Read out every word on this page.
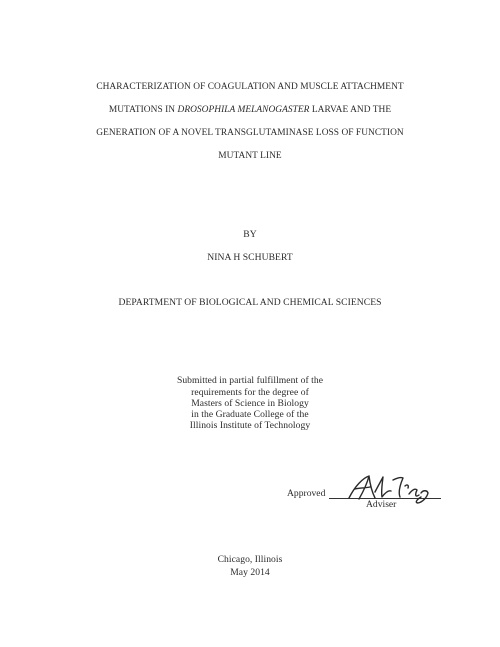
CHARACTERIZATION OF COAGULATION AND MUSCLE ATTACHMENT
MUTATIONS IN DROSOPHILA MELANOGASTER LARVAE AND THE
GENERATION OF A NOVEL TRANSGLUTAMINASE LOSS OF FUNCTION
MUTANT LINE
BY
NINA H SCHUBERT
DEPARTMENT OF BIOLOGICAL AND CHEMICAL SCIENCES
Submitted in partial fulfillment of the
requirements for the degree of
Masters of Science in Biology
in the Graduate College of the
Illinois Institute of Technology
Approved
Adviser
Chicago, Illinois
May 2014
